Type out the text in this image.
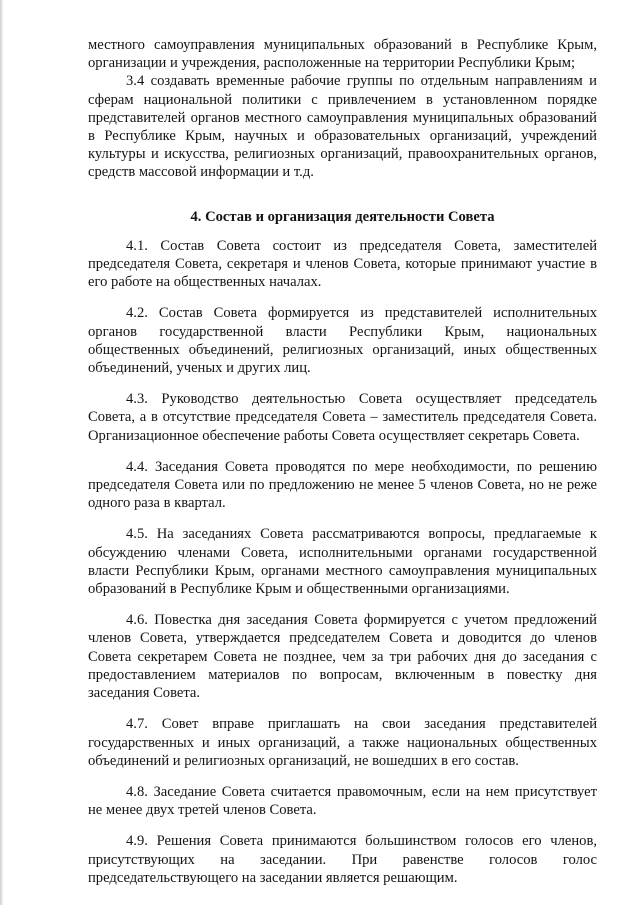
местного самоуправления муниципальных образований в Республике Крым, организации и учреждения, расположенные на территории Республики Крым;

3.4 создавать временные рабочие группы по отдельным направлениям и сферам национальной политики с привлечением в установленном порядке представителей органов местного самоуправления муниципальных образований в Республике Крым, научных и образовательных организаций, учреждений культуры и искусства, религиозных организаций, правоохранительных органов, средств массовой информации и т.д.

4. Состав и организация деятельности Совета

4.1. Состав Совета состоит из председателя Совета, заместителей председателя Совета, секретаря и членов Совета, которые принимают участие в его работе на общественных началах.

4.2. Состав Совета формируется из представителей исполнительных органов государственной власти Республики Крым, национальных общественных объединений, религиозных организаций, иных общественных объединений, ученых и других лиц.

4.3. Руководство деятельностью Совета осуществляет председатель Совета, а в отсутствие председателя Совета – заместитель председателя Совета. Организационное обеспечение работы Совета осуществляет секретарь Совета.

4.4. Заседания Совета проводятся по мере необходимости, по решению председателя Совета или по предложению не менее 5 членов Совета, но не реже одного раза в квартал.

4.5. На заседаниях Совета рассматриваются вопросы, предлагаемые к обсуждению членами Совета, исполнительными органами государственной власти Республики Крым, органами местного самоуправления муниципальных образований в Республике Крым и общественными организациями.

4.6. Повестка дня заседания Совета формируется с учетом предложений членов Совета, утверждается председателем Совета и доводится до членов Совета секретарем Совета не позднее, чем за три рабочих дня до заседания с предоставлением материалов по вопросам, включенным в повестку дня заседания Совета.

4.7. Совет вправе приглашать на свои заседания представителей государственных и иных организаций, а также национальных общественных объединений и религиозных организаций, не вошедших в его состав.

4.8. Заседание Совета считается правомочным, если на нем присутствует не менее двух третей членов Совета.

4.9. Решения Совета принимаются большинством голосов его членов, присутствующих на заседании. При равенстве голосов голос председательствующего на заседании является решающим.
